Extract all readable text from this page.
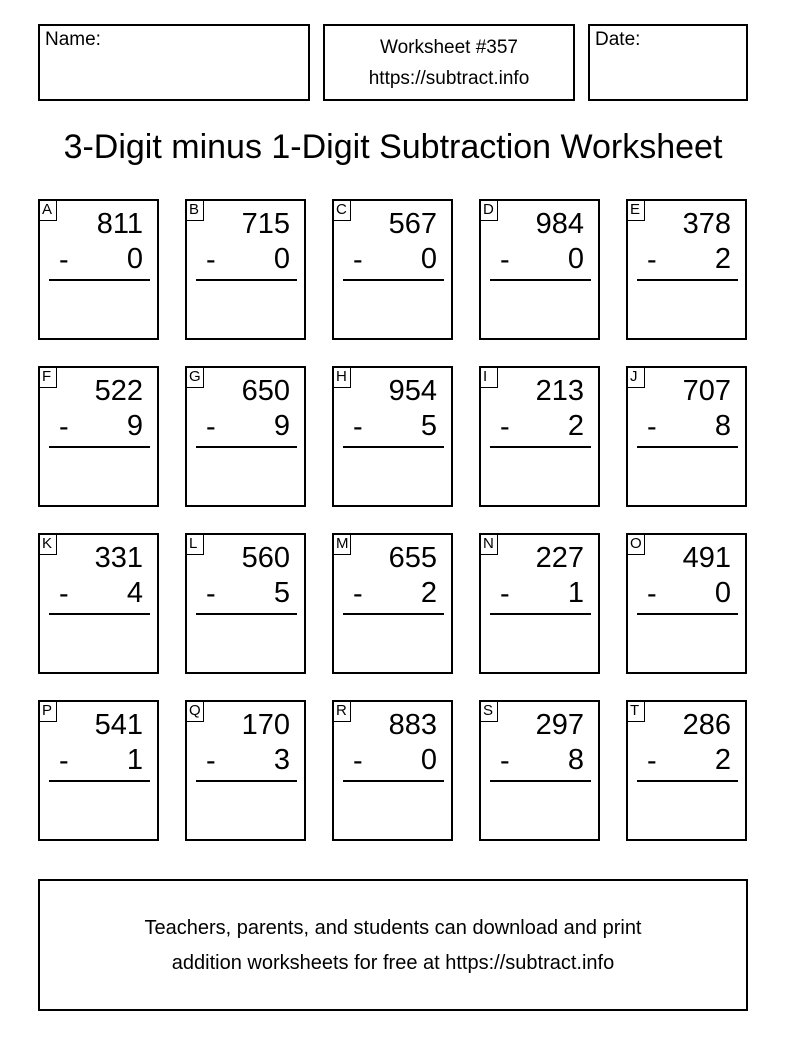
Name:	Worksheet #357
https://subtract.info
Date:
3-Digit minus 1-Digit Subtraction Worksheet
A 811
- 0
B 715
- 0
C 567
- 0
D 984
- 0
E 378
- 2
F 522
- 9
G 650
- 9
H 954
- 5
I	213
- 2
J 707
- 8
K 331
- 4
L 560
- 5
M 655
- 2
N 227
- 1
O 491
- 0
P 541
- 1
Q 170
- 3
R 883
- 0
S 297
- 8
T 286
- 2
Teachers, parents, and students can download and print
addition worksheets for free at https://subtract.info
